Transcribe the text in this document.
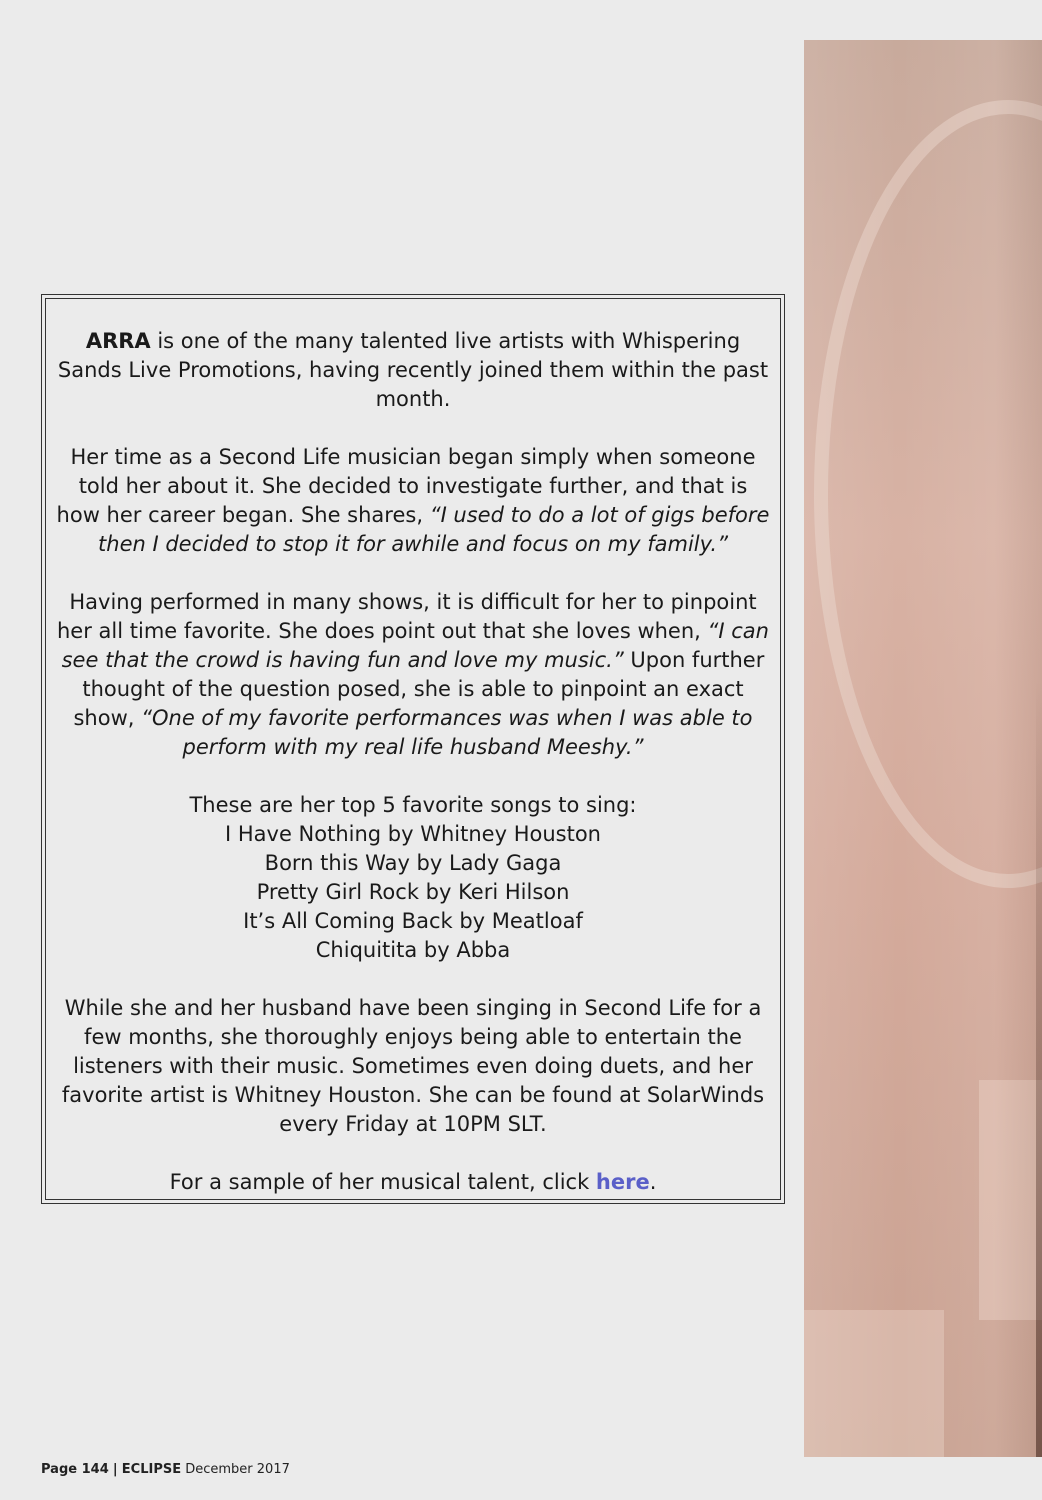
ARRA is one of the many talented live artists with Whispering Sands Live Promotions, having recently joined them within the past month.

Her time as a Second Life musician began simply when someone told her about it. She decided to investigate further, and that is how her career began. She shares, “I used to do a lot of gigs before then I decided to stop it for awhile and focus on my family.”

Having performed in many shows, it is difficult for her to pinpoint her all time favorite. She does point out that she loves when, “I can see that the crowd is having fun and love my music.” Upon further thought of the question posed, she is able to pinpoint an exact show, “One of my favorite performances was when I was able to perform with my real life husband Meeshy.”

These are her top 5 favorite songs to sing:
I Have Nothing by Whitney Houston
Born this Way by Lady Gaga
Pretty Girl Rock by Keri Hilson
It’s All Coming Back by Meatloaf
Chiquitita by Abba

While she and her husband have been singing in Second Life for a few months, she thoroughly enjoys being able to entertain the listeners with their music. Sometimes even doing duets, and her favorite artist is Whitney Houston. She can be found at SolarWinds every Friday at 10PM SLT.

For a sample of her musical talent, click here.

Page 144 | ECLIPSE December 2017
